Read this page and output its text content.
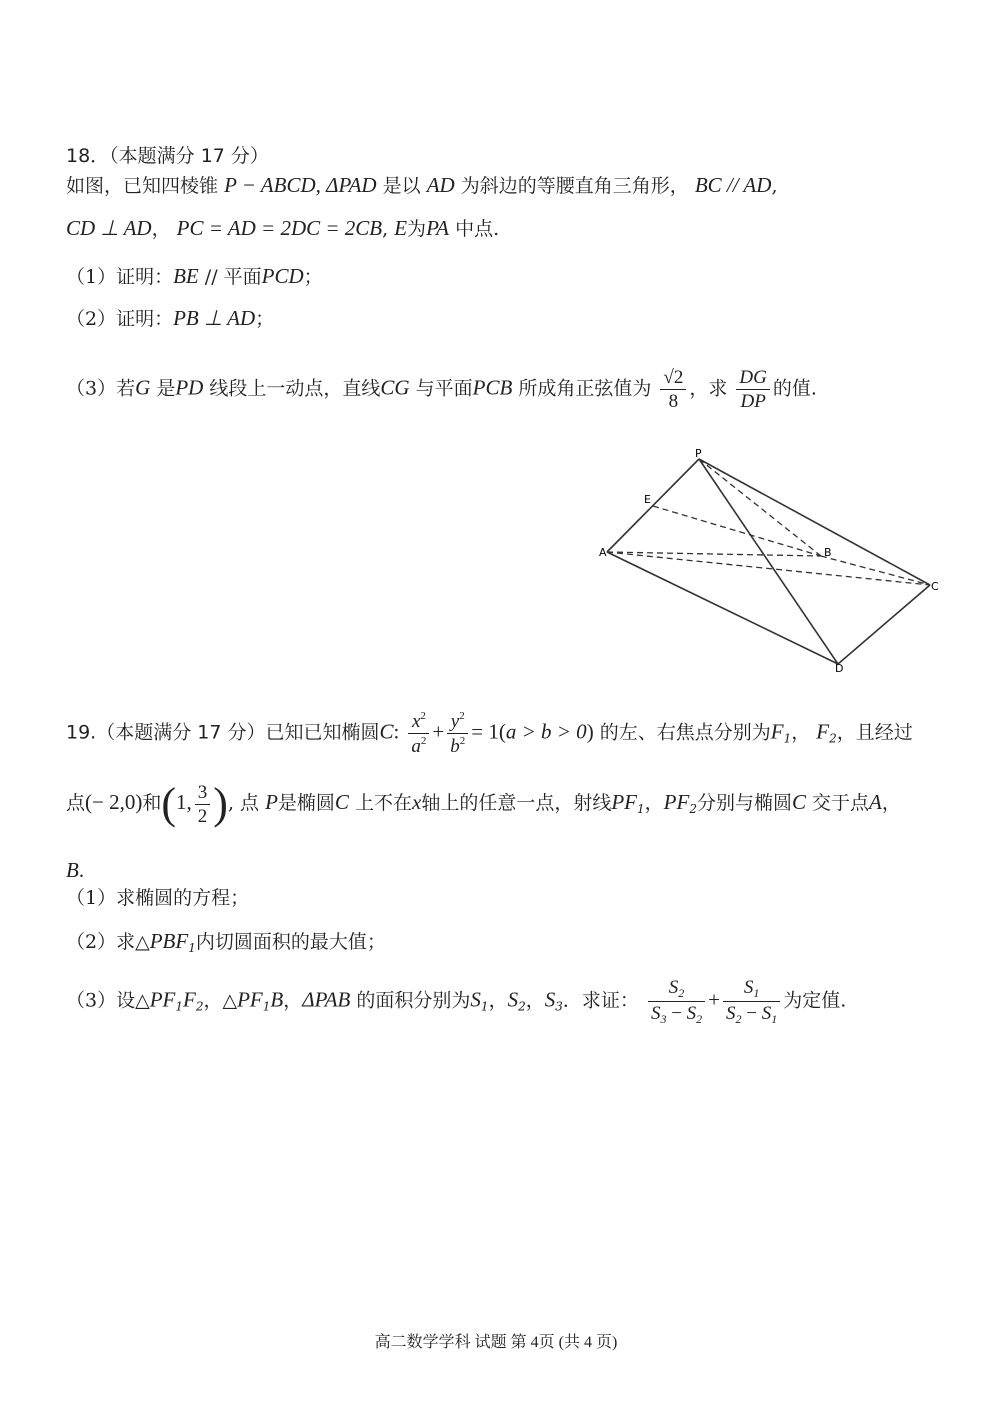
18．（本题满分 17 分）
如图，已知四棱锥 P − ABCD, ΔPAD 是以 AD 为斜边的等腰直角三角形， BC // AD,
CD ⊥ AD， PC = AD = 2DC = 2CB, E为PA 中点.
（1）证明：BE // 平面PCD；
（2）证明：PB ⊥ AD；
（3）若G 是PD 线段上一动点，直线CG 与平面PCB 所成角正弦值为 $\frac{√2}{8}$ ，求 $\frac{DG}{DP}$ 的值.
P
E
A	B
C
D
19.（本题满分 17 分）已知已知椭圆C: $\frac{x^2}{a^2} + \frac{y^2}{b^2} = 1(a > b > 0)$ 的左、右焦点分别为$F_1$， $F_2$，且经过
点(− 2,0)和(1, $\frac{3}{2}$ ), 点 P是椭圆C 上不在x轴上的任意一点，射线$PF_1$，$PF_2$分别与椭圆C 交于点A，
B.
（1）求椭圆的方程；
（2）求$\triangle PBF_1$内切圆面积的最大值；
（3）设$\triangle PF_1F_2$，$\triangle PF_1B$，ΔPAB 的面积分别为$S_1$，$S_2$，$S_3$．求证： $\frac{S_2}{S_3 - S_2} + \frac{S_1}{S_2 - S_1}$ 为定值.
高二数学学科 试题 第 4页 (共 4 页)
